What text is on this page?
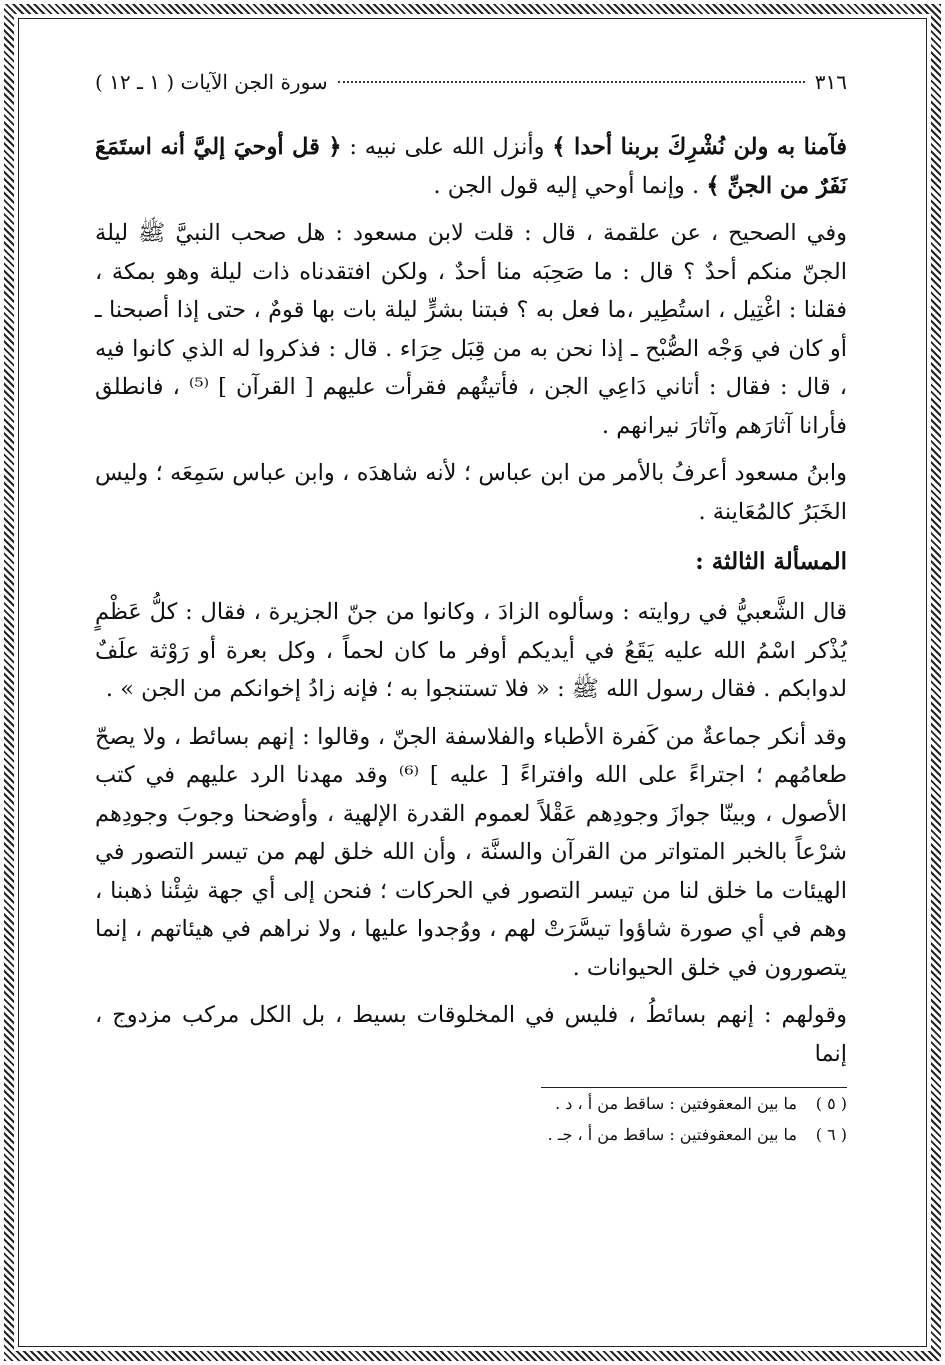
٣١٦
سورة الجن الآيات ( ١ ـ ١٢ )

فآمنا به ولن نُشْرِكَ بربنا أحدا ﴾ وأنزل الله على نبيه : ﴿ قل أوحيَ إليَّ أنه استَمَعَ نَفَرٌ من الجنِّ ﴾ . وإنما أوحي إليه قول الجن .

وفي الصحيح ، عن علقمة ، قال : قلت لابن مسعود : هل صحب النبيَّ ﷺ ليلة الجنّ منكم أحدٌ ؟ قال : ما صَحِبَه منا أحدٌ ، ولكن افتقدناه ذات ليلة وهو بمكة ، فقلنا : اغْتِيل ، استُطِير ،ما فعل به ؟ فبتنا بشرٍّ ليلة بات بها قومٌ ، حتى إذا أصبحنا ـ أو كان في وَجْه الصُّبْح ـ إذا نحن به من قِبَل حِرَاء . قال : فذكروا له الذي كانوا فيه ، قال : فقال : أتاني دَاعِي الجن ، فأتيتُهم فقرأت عليهم [ القرآن ] ⁽⁵⁾ ، فانطلق فأرانا آثارَهم وآثارَ نيرانهم .

وابنُ مسعود أعرفُ بالأمر من ابن عباس ؛ لأنه شاهدَه ، وابن عباس سَمِعَه ؛ وليس الخَبَرُ كالمُعَاينة .

المسألة الثالثة :

قال الشَّعبيُّ في روايته : وسألوه الزادَ ، وكانوا من جنّ الجزيرة ، فقال : كلُّ عَظْمٍ يُذْكر اسْمُ الله عليه يَقَعُ في أيديكم أوفر ما كان لحماً ، وكل بعرة أو رَوْثة علَفٌ لدوابكم . فقال رسول الله ﷺ : « فلا تستنجوا به ؛ فإنه زادُ إخوانكم من الجن » .

وقد أنكر جماعةٌ من كَفرة الأطباء والفلاسفة الجنّ ، وقالوا : إنهم بسائط ، ولا يصحّ طعامُهم ؛ اجتراءً على الله وافتراءً [ عليه ] ⁽⁶⁾ وقد مهدنا الرد عليهم في كتب الأصول ، وبينّا جوازَ وجودِهم عَقْلاً لعموم القدرة الإلهية ، وأوضحنا وجوبَ وجودِهم شرْعاً بالخبر المتواتر من القرآن والسنَّة ، وأن الله خلق لهم من تيسر التصور في الهيئات ما خلق لنا من تيسر التصور في الحركات ؛ فنحن إلى أي جهة شِئْنا ذهبنا ، وهم في أي صورة شاؤوا تيسَّرَتْ لهم ، ووُجدوا عليها ، ولا نراهم في هيئاتهم ، إنما يتصورون في خلق الحيوانات .

وقولهم : إنهم بسائطُ ، فليس في المخلوقات بسيط ، بل الكل مركب مزدوج ، إنما

( ٥ )
ما بين المعقوفتين : ساقط من أ ، د .
( ٦ )
ما بين المعقوفتين : ساقط من أ ، جـ .
